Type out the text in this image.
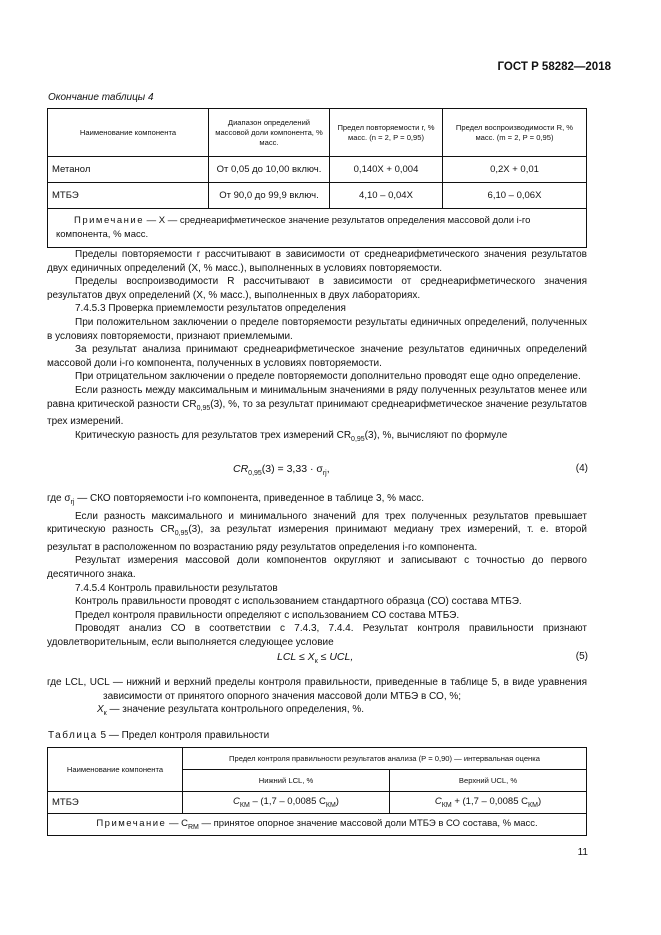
ГОСТ Р 58282—2018
Окончание таблицы 4
Наименование компонента	Диапазон определений массовой доли компонента, % масс.	Предел повторяемости r, % масс. (n = 2, P = 0,95)	Предел воспроизводимости R, % масс. (m = 2, P = 0,95)
Метанол	От 0,05 до 10,00 включ.	0,140X + 0,004	0,2X + 0,01
МТБЭ	От 90,0 до 99,9 включ.	4,10 – 0,04X	6,10 – 0,06X
Примечание — X — среднеарифметическое значение результатов определения массовой доли i-го компонента, % масс.			

Пределы повторяемости r рассчитывают в зависимости от среднеарифметического значения результатов двух единичных определений (X, % масс.), выполненных в условиях повторяемости.

Пределы воспроизводимости R рассчитывают в зависимости от среднеарифметического значения результатов двух определений (X, % масс.), выполненных в двух лабораториях.

7.4.5.3 Проверка приемлемости результатов определения

При положительном заключении о пределе повторяемости результаты единичных определений, полученных в условиях повторяемости, признают приемлемыми.

За результат анализа принимают среднеарифметическое значение результатов единичных определений массовой доли i-го компонента, полученных в условиях повторяемости.

При отрицательном заключении о пределе повторяемости дополнительно проводят еще одно определение.

Если разность между максимальным и минимальным значениями в ряду полученных результатов менее или равна критической разности $CR_{0,95}(3)$, %, то за результат принимают среднеарифметическое значение результатов трех измерений.

Критическую разность для результатов трех измерений $CR_{0,95}(3)$, %, вычисляют по формуле

$CR_{0,95}(3) = 3,33 \cdot \sigma_{rj}$,	(4)

где $\sigma_{rj}$ — СКО повторяемости i-го компонента, приведенное в таблице 3, % масс.

Если разность максимального и минимального значений для трех полученных результатов превышает критическую разность $CR_{0,95}(3)$, за результат измерения принимают медиану трех измерений, т. е. второй результат в расположенном по возрастанию ряду результатов определения i-го компонента.

Результат измерения массовой доли компонентов округляют и записывают с точностью до первого десятичного знака.

7.4.5.4 Контроль правильности результатов

Контроль правильности проводят с использованием стандартного образца (СО) состава МТБЭ.

Предел контроля правильности определяют с использованием СО состава МТБЭ.

Проводят анализ СО в соответствии с 7.4.3, 7.4.4. Результат контроля правильности признают удовлетворительным, если выполняется следующее условие

LCL ≤ $X_к$ ≤ UCL,	(5)

где LCL, UCL — нижний и верхний пределы контроля правильности, приведенные в таблице 5, в виде уравнения зависимости от принятого опорного значения массовой доли МТБЭ в СО, %;

$X_к$ — значение результата контрольного определения, %.

Таблица 5 — Предел контроля правильности
Наименование компонента	Предел контроля правильности результатов анализа (P = 0,90) — интервальная оценка	
	Нижний LCL, %	Верхний UCL, %
МТБЭ	$C_{КМ} - (1,7 - 0,0085$ $C_{КМ}$)	$C_{КМ} + (1,7 - 0,0085$ $C_{КМ}$)
Примечание — $C_{RM}$ — принятое опорное значение массовой доли МТБЭ в СО состава, % масс.		
11
